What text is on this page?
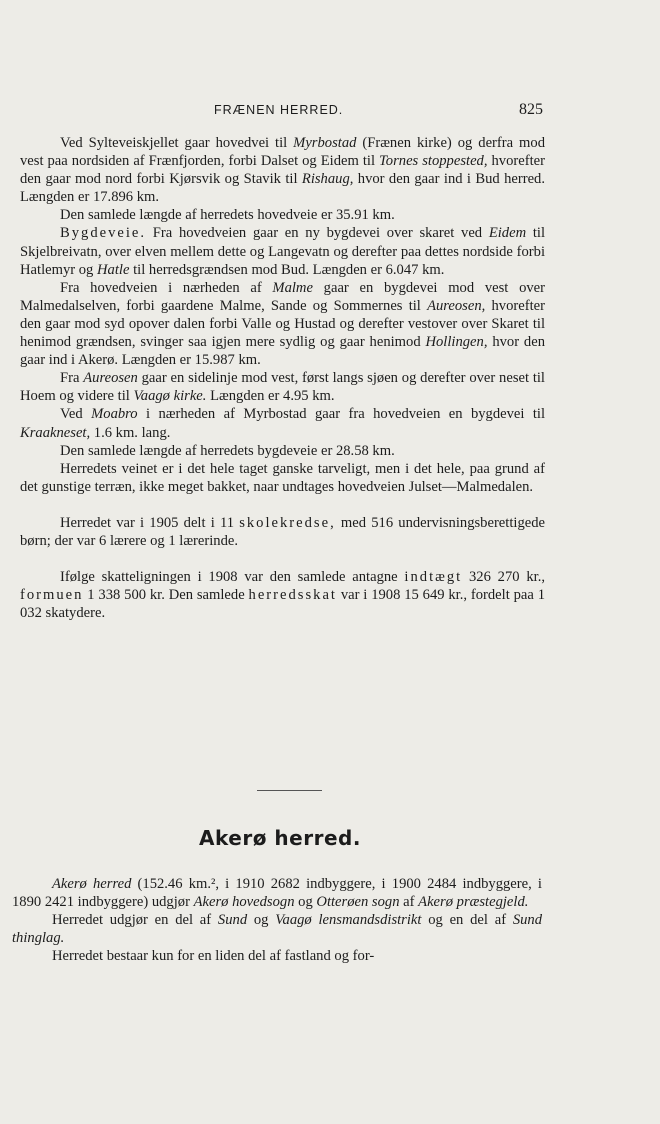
FRÆNEN HERRED.	825

Ved Sylteveiskjellet gaar hovedvei til Myrbostad (Frænen kirke) og derfra mod vest paa nordsiden af Frænfjorden, forbi Dalset og Eidem til Tornes stoppested, hvorefter den gaar mod nord forbi Kjørsvik og Stavik til Rishaug, hvor den gaar ind i Bud herred. Længden er 17.896 km.

Den samlede længde af herredets hovedveie er 35.91 km.

Bygdeveie. Fra hovedveien gaar en ny bygdevei over skaret ved Eidem til Skjelbreivatn, over elven mellem dette og Langevatn og derefter paa dettes nordside forbi Hatlemyr og Hatle til herredsgrændsen mod Bud. Længden er 6.047 km.

Fra hovedveien i nærheden af Malme gaar en bygdevei mod vest over Malmedalselven, forbi gaardene Malme, Sande og Sommernes til Aureosen, hvorefter den gaar mod syd opover dalen forbi Valle og Hustad og derefter vestover over Skaret til henimod grændsen, svinger saa igjen mere sydlig og gaar henimod Hollingen, hvor den gaar ind i Akerø. Længden er 15.987 km.

Fra Aureosen gaar en sidelinje mod vest, først langs sjøen og derefter over neset til Hoem og videre til Vaagø kirke. Længden er 4.95 km.

Ved Moabro i nærheden af Myrbostad gaar fra hovedveien en bygdevei til Kraakneset, 1.6 km. lang.

Den samlede længde af herredets bygdeveie er 28.58 km.

Herredets veinet er i det hele taget ganske tarveligt, men i det hele, paa grund af det gunstige terræn, ikke meget bakket, naar undtages hovedveien Julset—Malmedalen.

Herredet var i 1905 delt i 11 skolekredse, med 516 undervisningsberettigede børn; der var 6 lærere og 1 lærerinde.

Ifølge skatteligningen i 1908 var den samlede antagne indtægt 326 270 kr., formuen 1 338 500 kr. Den samlede herredsskat var i 1908 15 649 kr., fordelt paa 1 032 skatydere.

Akerø herred.

Akerø herred (152.46 km.², i 1910 2682 indbyggere, i 1900 2484 indbyggere, i 1890 2421 indbyggere) udgjør Akerø hovedsogn og Otterøen sogn af Akerø præstegjeld.

Herredet udgjør en del af Sund og Vaagø lensmandsdistrikt og en del af Sund thinglag.

Herredet bestaar kun for en liden del af fastland og for-
